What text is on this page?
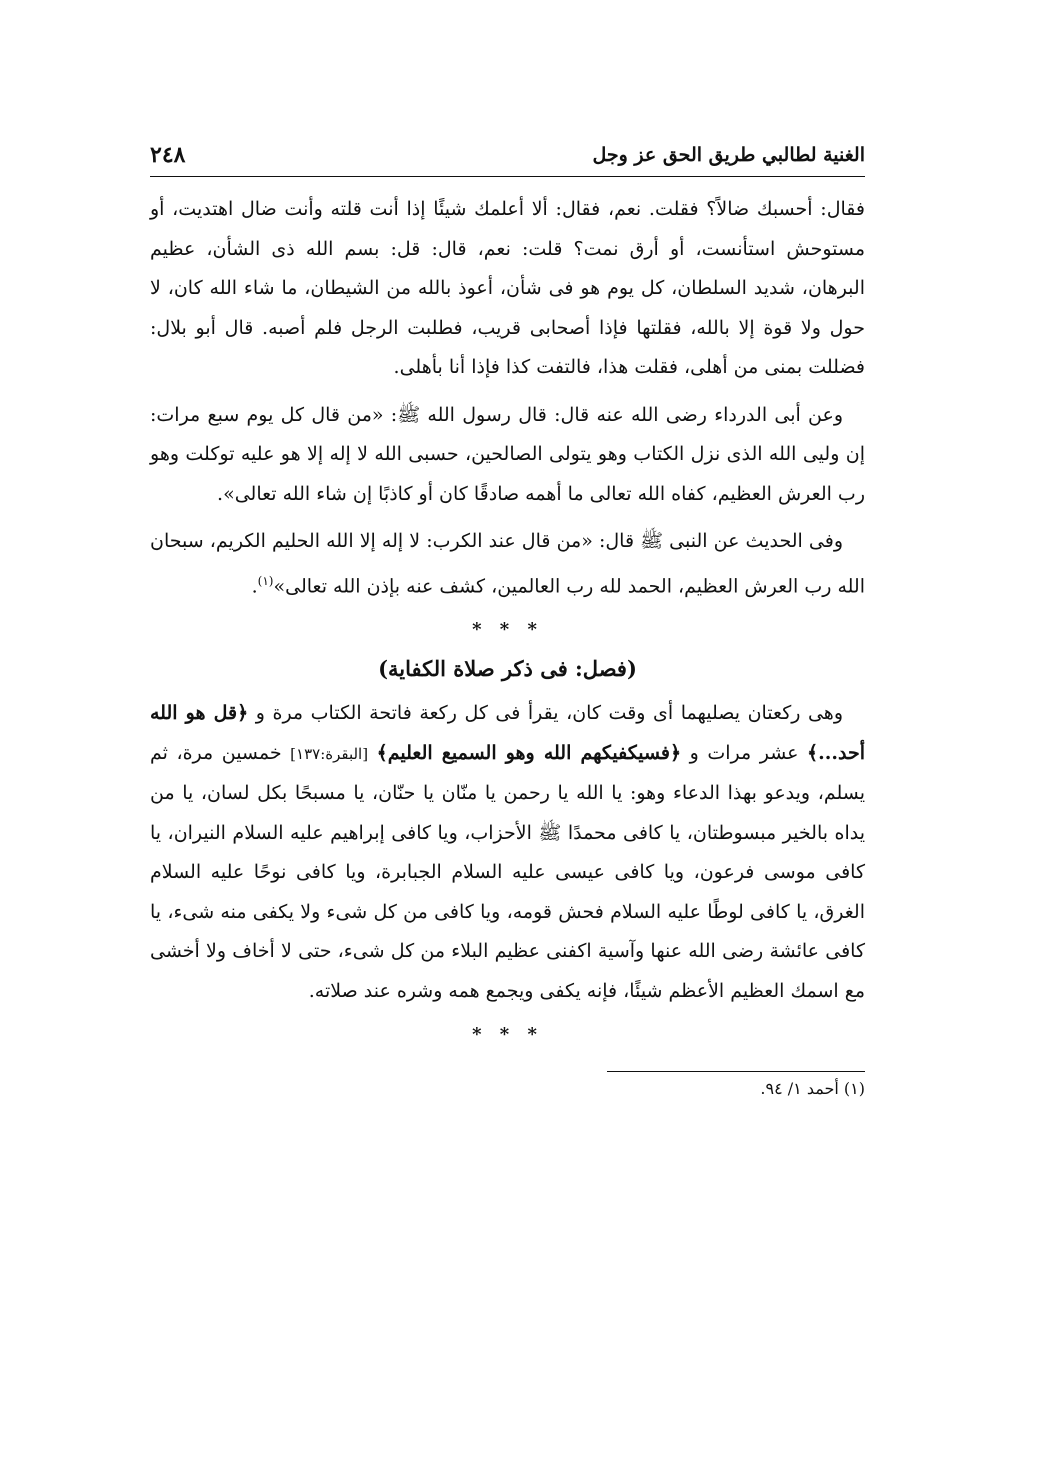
الغنية لطالبي طريق الحق عز وجل
٢٤٨

فقال: أحسبك ضالاً؟ فقلت. نعم، فقال: ألا أعلمك شيئًا إذا أنت قلته وأنت ضال اهتديت، أو مستوحش استأنست، أو أرق نمت؟ قلت: نعم، قال: قل: بسم الله ذى الشأن، عظيم البرهان، شديد السلطان، كل يوم هو فى شأن، أعوذ بالله من الشيطان، ما شاء الله كان، لا حول ولا قوة إلا بالله، فقلتها فإذا أصحابى قريب، فطلبت الرجل فلم أصبه. قال أبو بلال: فضللت بمنى من أهلى، فقلت هذا، فالتفت كذا فإذا أنا بأهلى.

وعن أبى الدرداء رضى الله عنه قال: قال رسول الله ﷺ: «من قال كل يوم سبع مرات: إن وليى الله الذى نزل الكتاب وهو يتولى الصالحين، حسبى الله لا إله إلا هو عليه توكلت وهو رب العرش العظيم، كفاه الله تعالى ما أهمه صادقًا كان أو كاذبًا إن شاء الله تعالى».

وفى الحديث عن النبى ﷺ قال: «من قال عند الكرب: لا إله إلا الله الحليم الكريم، سبحان الله رب العرش العظيم، الحمد لله رب العالمين، كشف عنه بإذن الله تعالى»$^{(١)}$.

* * *
(فصل: فى ذكر صلاة الكفاية)

وهى ركعتان يصليهما أى وقت كان، يقرأ فى كل ركعة فاتحة الكتاب مرة و ﴿قل هو الله أحد...﴾ عشر مرات و ﴿فسيكفيكهم الله وهو السميع العليم﴾ [البقرة:١٣٧] خمسين مرة، ثم يسلم، ويدعو بهذا الدعاء وهو: يا الله يا رحمن يا منّان يا حنّان، يا مسبحًا بكل لسان، يا من يداه بالخير مبسوطتان، يا كافى محمدًا ﷺ الأحزاب، ويا كافى إبراهيم عليه السلام النيران، يا كافى موسى فرعون، ويا كافى عيسى عليه السلام الجبابرة، ويا كافى نوحًا عليه السلام الغرق، يا كافى لوطًا عليه السلام فحش قومه، ويا كافى من كل شىء ولا يكفى منه شىء، يا كافى عائشة رضى الله عنها وآسية اكفنى عظيم البلاء من كل شىء، حتى لا أخاف ولا أخشى مع اسمك العظيم الأعظم شيئًا، فإنه يكفى ويجمع همه وشره عند صلاته.

* * *
(١) أحمد ١/ ٩٤.
